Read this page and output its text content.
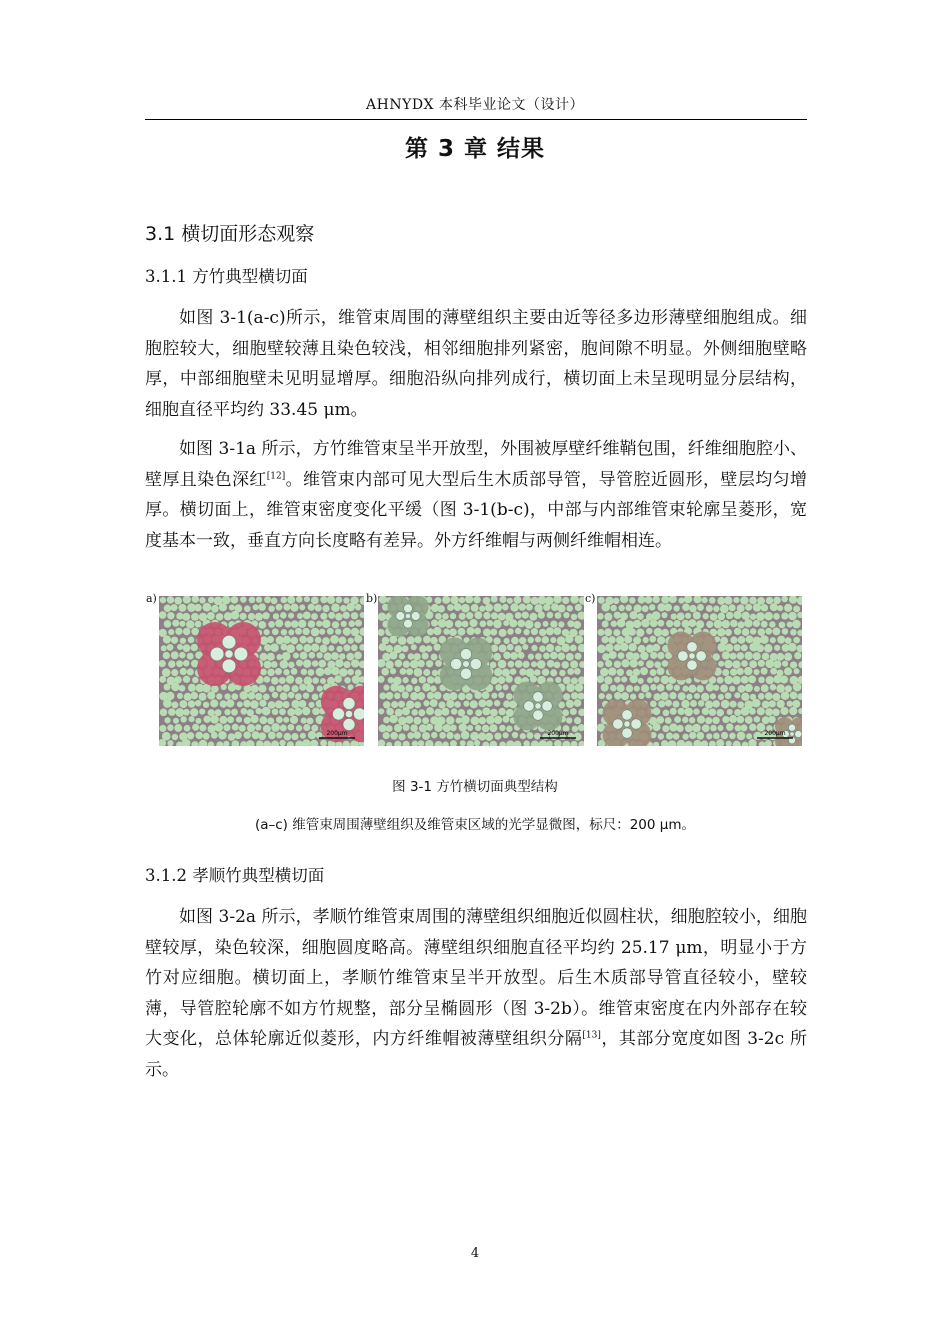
AHNYDX 本科毕业论文（设计）
第 3 章 结果
3.1 横切面形态观察
3.1.1 方竹典型横切面
如图 3-1(a-c)所示，维管束周围的薄壁组织主要由近等径多边形薄壁细胞组成。细胞腔较大，细胞壁较薄且染色较浅，相邻细胞排列紧密，胞间隙不明显。外侧细胞壁略厚，中部细胞壁未见明显增厚。细胞沿纵向排列成行，横切面上未呈现明显分层结构，细胞直径平均约 33.45 μm。
如图 3-1a 所示，方竹维管束呈半开放型，外围被厚壁纤维鞘包围，纤维细胞腔小、壁厚且染色深红[12]。维管束内部可见大型后生木质部导管，导管腔近圆形，壁层均匀增厚。横切面上，维管束密度变化平缓（图 3-1(b-c)，中部与内部维管束轮廓呈菱形，宽度基本一致，垂直方向长度略有差异。外方纤维帽与两侧纤维帽相连。
a)
200μm
b)
200μm
c)
200μm
图 3-1 方竹横切面典型结构
(a–c) 维管束周围薄壁组织及维管束区域的光学显微图，标尺：200 μm。
3.1.2 孝顺竹典型横切面
如图 3-2a 所示，孝顺竹维管束周围的薄壁组织细胞近似圆柱状，细胞腔较小，细胞壁较厚，染色较深，细胞圆度略高。薄壁组织细胞直径平均约 25.17 μm，明显小于方竹对应细胞。横切面上，孝顺竹维管束呈半开放型。后生木质部导管直径较小，壁较薄，导管腔轮廓不如方竹规整，部分呈椭圆形（图 3-2b）。维管束密度在内外部存在较大变化，总体轮廓近似菱形，内方纤维帽被薄壁组织分隔[13]，其部分宽度如图 3-2c 所示。
4
